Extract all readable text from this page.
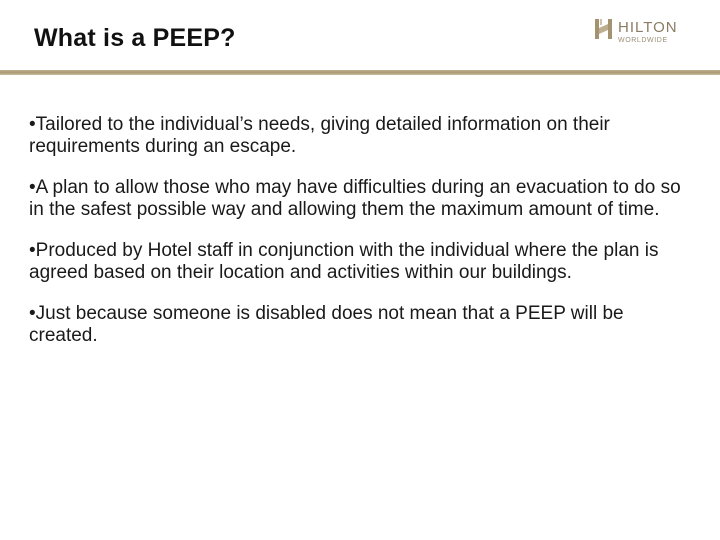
What is a PEEP?	HILTON
WORLDWIDE
•Tailored to the individual’s needs, giving detailed information on their requirements during an escape.
•A plan to allow those who may have difficulties during an evacuation to do so in the safest possible way and allowing them the maximum amount of time.
•Produced by Hotel staff in conjunction with the individual where the plan is agreed based on their location and activities within our buildings.
•Just because someone is disabled does not mean that a PEEP will be created.
